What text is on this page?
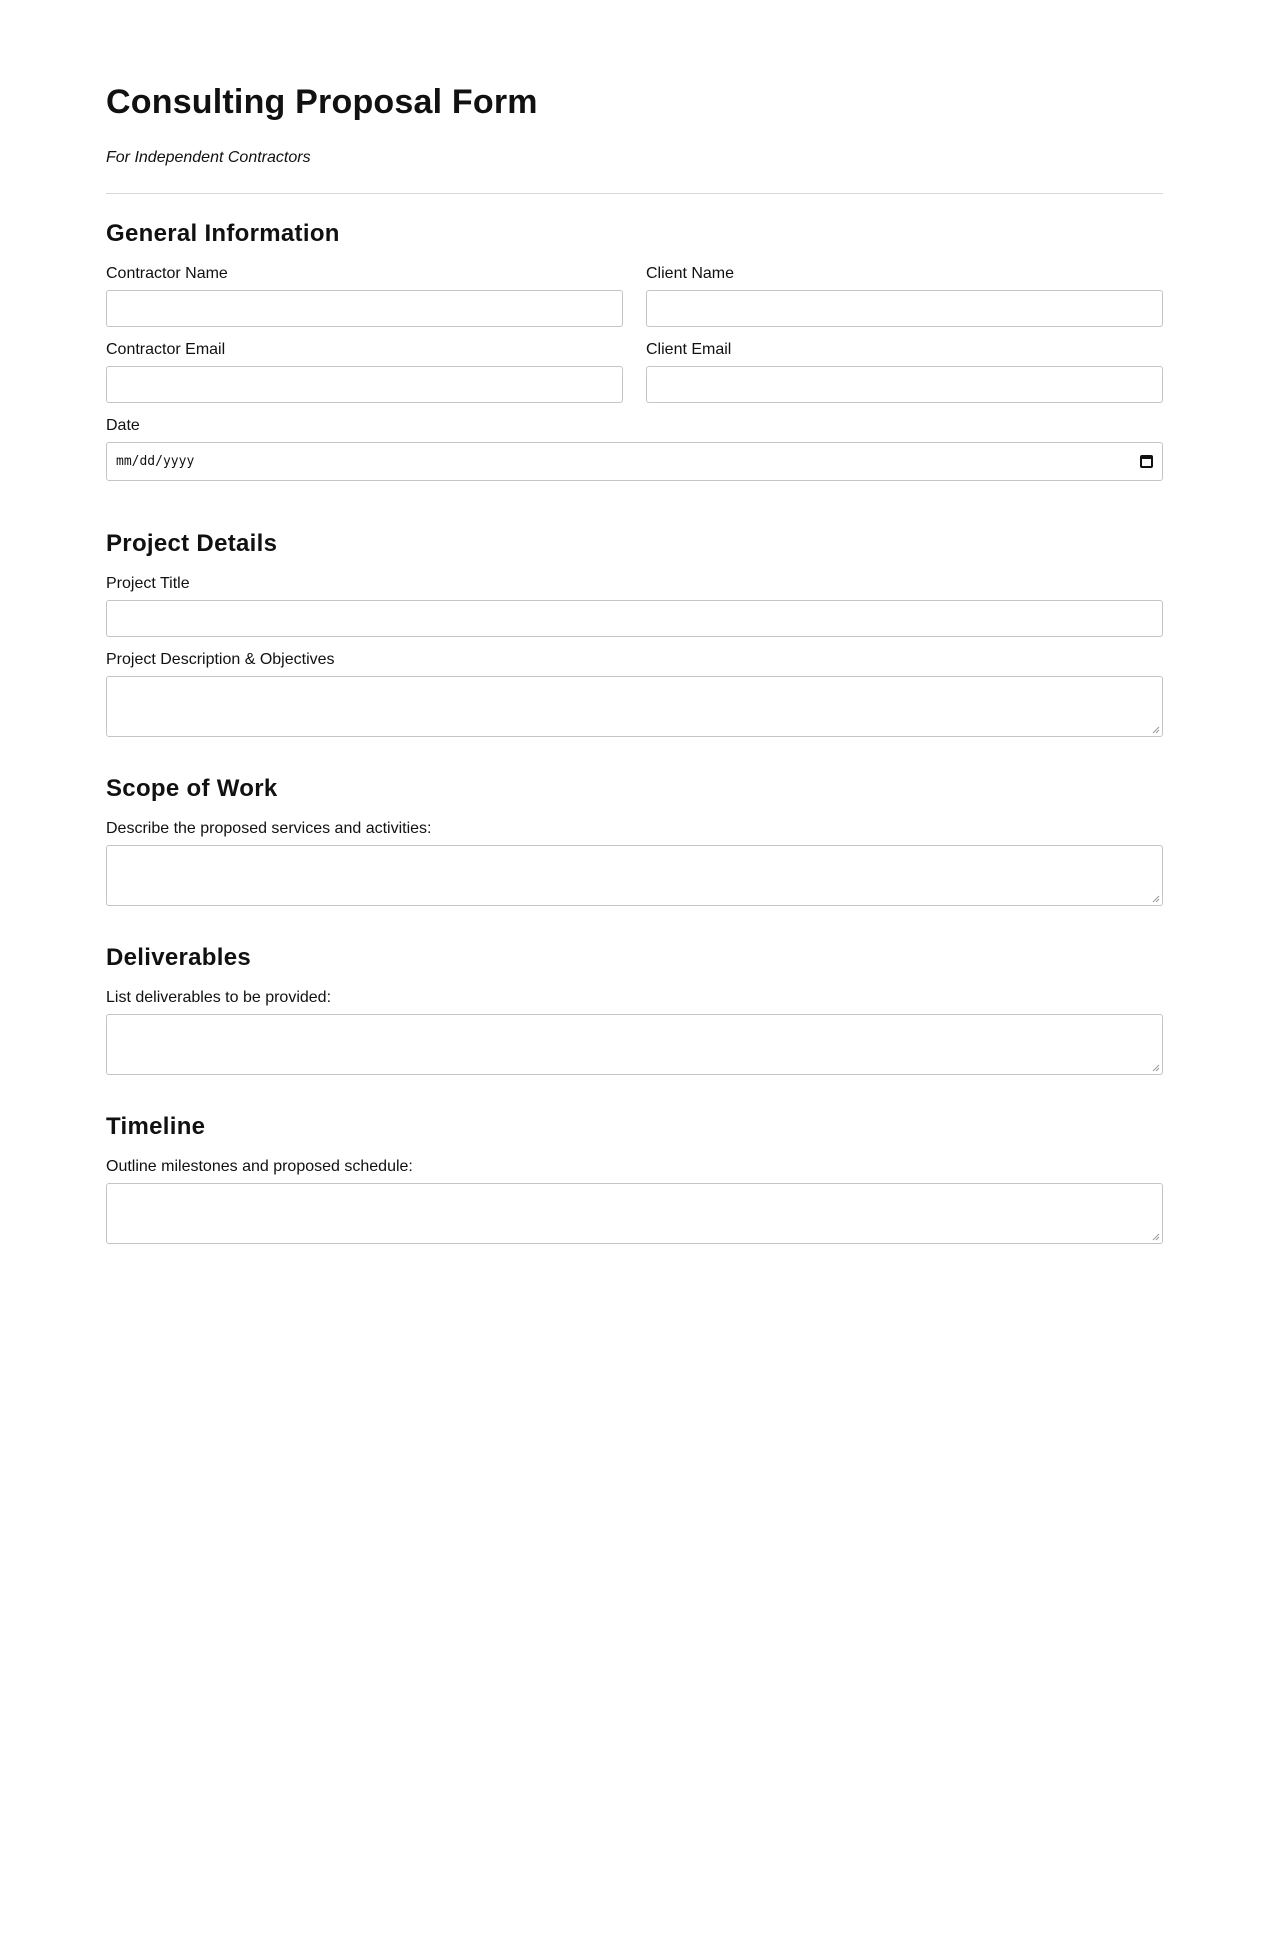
Consulting Proposal Form

For Independent Contractors

General Information
Contractor Name	Client Name
Contractor Email	Client Email
Date
mm/dd/yyyy
Project Details
Project Title
Project Description & Objectives
Scope of Work
Describe the proposed services and activities:
Deliverables
List deliverables to be provided:
Timeline
Outline milestones and proposed schedule:
